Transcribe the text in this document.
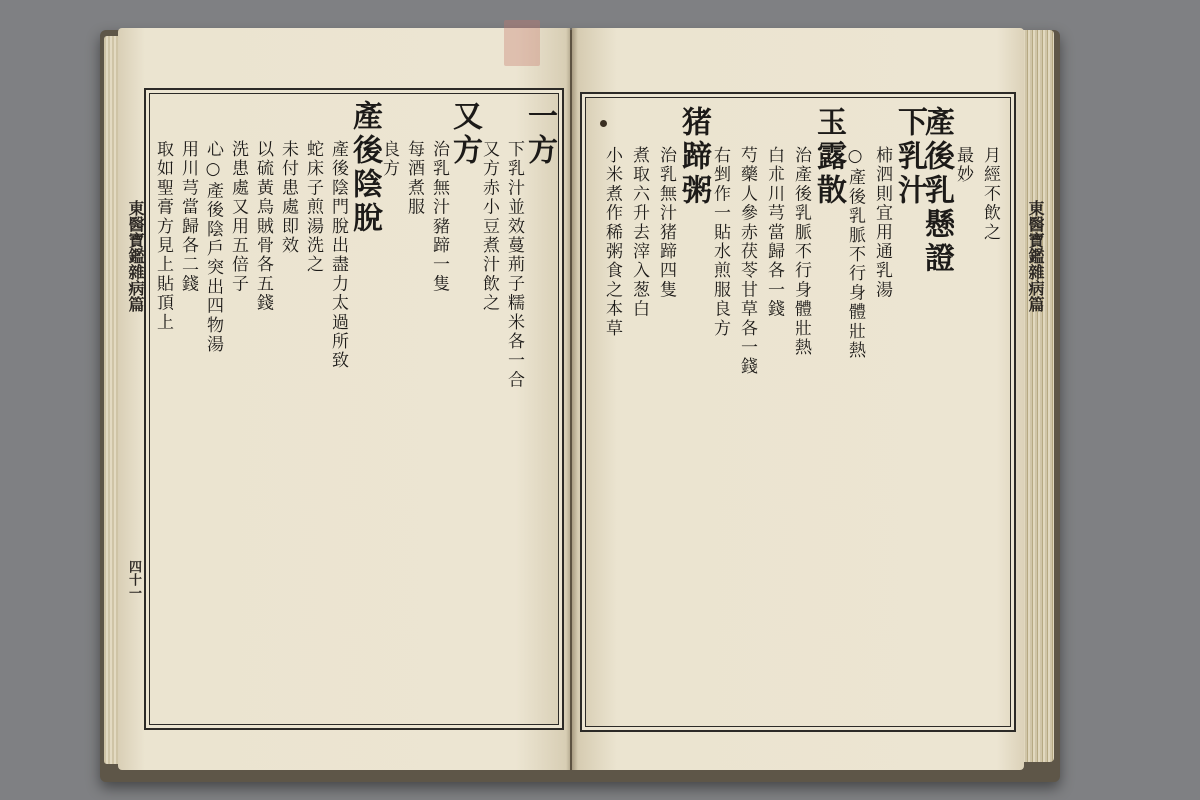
東醫寶鑑雜病篇
四十一
東醫寶鑑雜病篇
月經不飲之
最妙
產後乳懸證
下乳汁
柿泗則宜用通乳湯
○產後乳脈不行身體壯熱
玉露散
治產後乳脈不行身體壯熱
白朮川芎當歸各一錢
芍藥人參赤茯苓甘草各一錢
右剉作一貼水煎服良方
猪蹄粥
治乳無汁猪蹄四隻
煮取六升去滓入葱白
小米煮作稀粥食之本草
一方
下乳汁並效蔓荊子糯米各一合
又方赤小豆煮汁飲之
又方
治乳無汁豬蹄一隻
每酒煮服
良方
產後陰脫
產後陰門脫出盡力太過所致
蛇床子煎湯洗之
未付患處即效
以硫黃烏賊骨各五錢
洗患處又用五倍子
心○產後陰戶突出四物湯
用川芎當歸各二錢
取如聖膏方見上貼頂上
